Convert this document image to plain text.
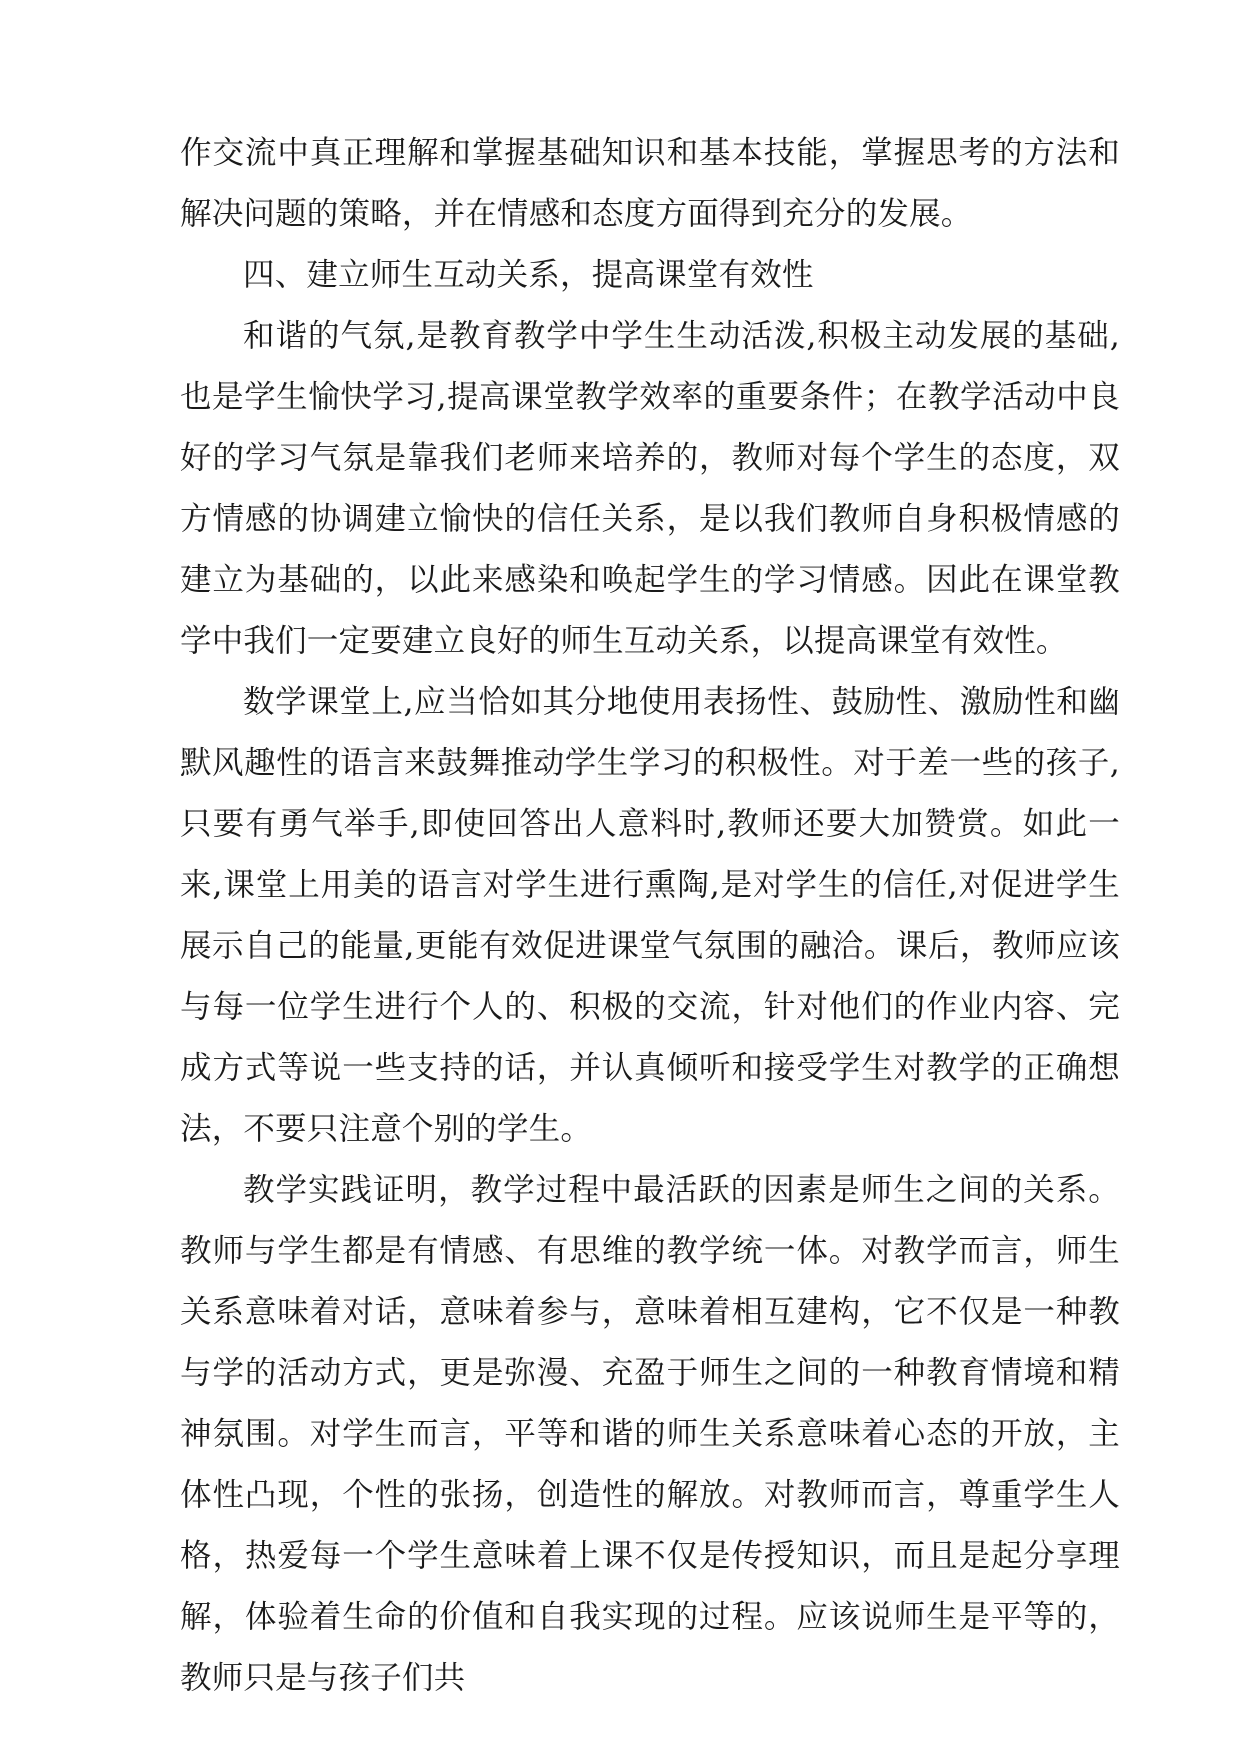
作交流中真正理解和掌握基础知识和基本技能，掌握思考的方法和解决问题的策略，并在情感和态度方面得到充分的发展。

四、建立师生互动关系，提高课堂有效性

和谐的气氛,是教育教学中学生生动活泼,积极主动发展的基础,也是学生愉快学习,提高课堂教学效率的重要条件；在教学活动中良好的学习气氛是靠我们老师来培养的，教师对每个学生的态度，双方情感的协调建立愉快的信任关系，是以我们教师自身积极情感的建立为基础的，以此来感染和唤起学生的学习情感。因此在课堂教学中我们一定要建立良好的师生互动关系，以提高课堂有效性。

数学课堂上,应当恰如其分地使用表扬性、鼓励性、激励性和幽默风趣性的语言来鼓舞推动学生学习的积极性。对于差一些的孩子,只要有勇气举手,即使回答出人意料时,教师还要大加赞赏。如此一来,课堂上用美的语言对学生进行熏陶,是对学生的信任,对促进学生展示自己的能量,更能有效促进课堂气氛围的融洽。课后，教师应该与每一位学生进行个人的、积极的交流，针对他们的作业内容、完成方式等说一些支持的话，并认真倾听和接受学生对教学的正确想法，不要只注意个别的学生。

教学实践证明，教学过程中最活跃的因素是师生之间的关系。教师与学生都是有情感、有思维的教学统一体。对教学而言，师生关系意味着对话，意味着参与，意味着相互建构，它不仅是一种教与学的活动方式，更是弥漫、充盈于师生之间的一种教育情境和精神氛围。对学生而言，平等和谐的师生关系意味着心态的开放，主体性凸现，个性的张扬，创造性的解放。对教师而言，尊重学生人格，热爱每一个学生意味着上课不仅是传授知识，而且是起分享理解，体验着生命的价值和自我实现的过程。应该说师生是平等的，教师只是与孩子们共
